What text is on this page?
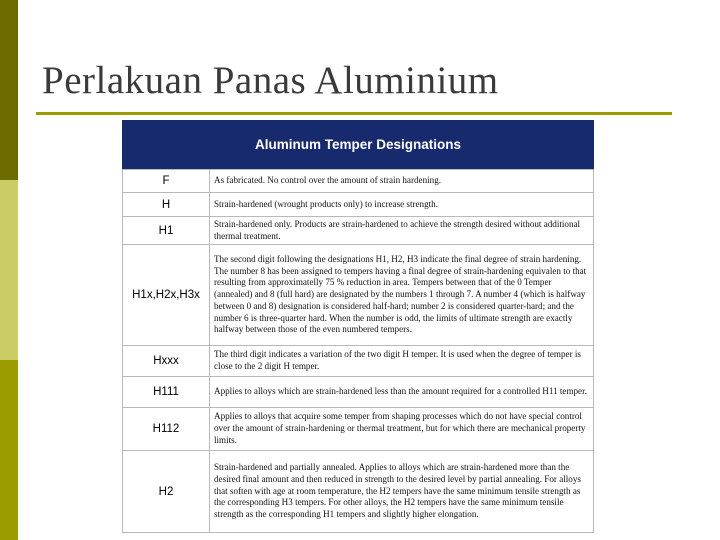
Perlakuan Panas Aluminium
Aluminum Temper Designations
F	As fabricated. No control over the amount of strain hardening.
H	Strain-hardened (wrought products only) to increase strength.
H1	Strain-hardened only. Products are strain-hardened to achieve the strength desired without additional thermal treatment.
H1x,H2x,H3x	The second digit following the designations H1, H2, H3 indicate the final degree of strain hardening. The number 8 has been assigned to tempers having a final degree of strain-hardening equivalen to that resulting from approximatelly 75 % reduction in area. Tempers between that of the 0 Temper (annealed) and 8 (full hard) are designated by the numbers 1 through 7. A number 4 (which is halfway between 0 and 8) designation is considered half-hard; number 2 is considered quarter-hard; and the number 6 is three-quarter hard. When the number is odd, the limits of ultimate strength are exactly halfway between those of the even numbered tempers.
Hxxx	The third digit indicates a variation of the two digit H temper. It is used when the degree of temper is close to the 2 digit H temper.
H111	Applies to alloys which are strain-hardened less than the amount required for a controlled H11 temper.
H112	Applies to alloys that acquire some temper from shaping processes which do not have special control over the amount of strain-hardening or thermal treatment, but for which there are mechanical property limits.
H2	Strain-hardened and partially annealed. Applies to alloys which are strain-hardened more than the desired final amount and then reduced in strength to the desired level by partial annealing. For alloys that soften with age at room temperature, the H2 tempers have the same minimum tensile strength as the corresponding H3 tempers. For other alloys, the H2 tempers have the same minimum tensile strength as the corresponding H1 tempers and slightly higher elongation.
